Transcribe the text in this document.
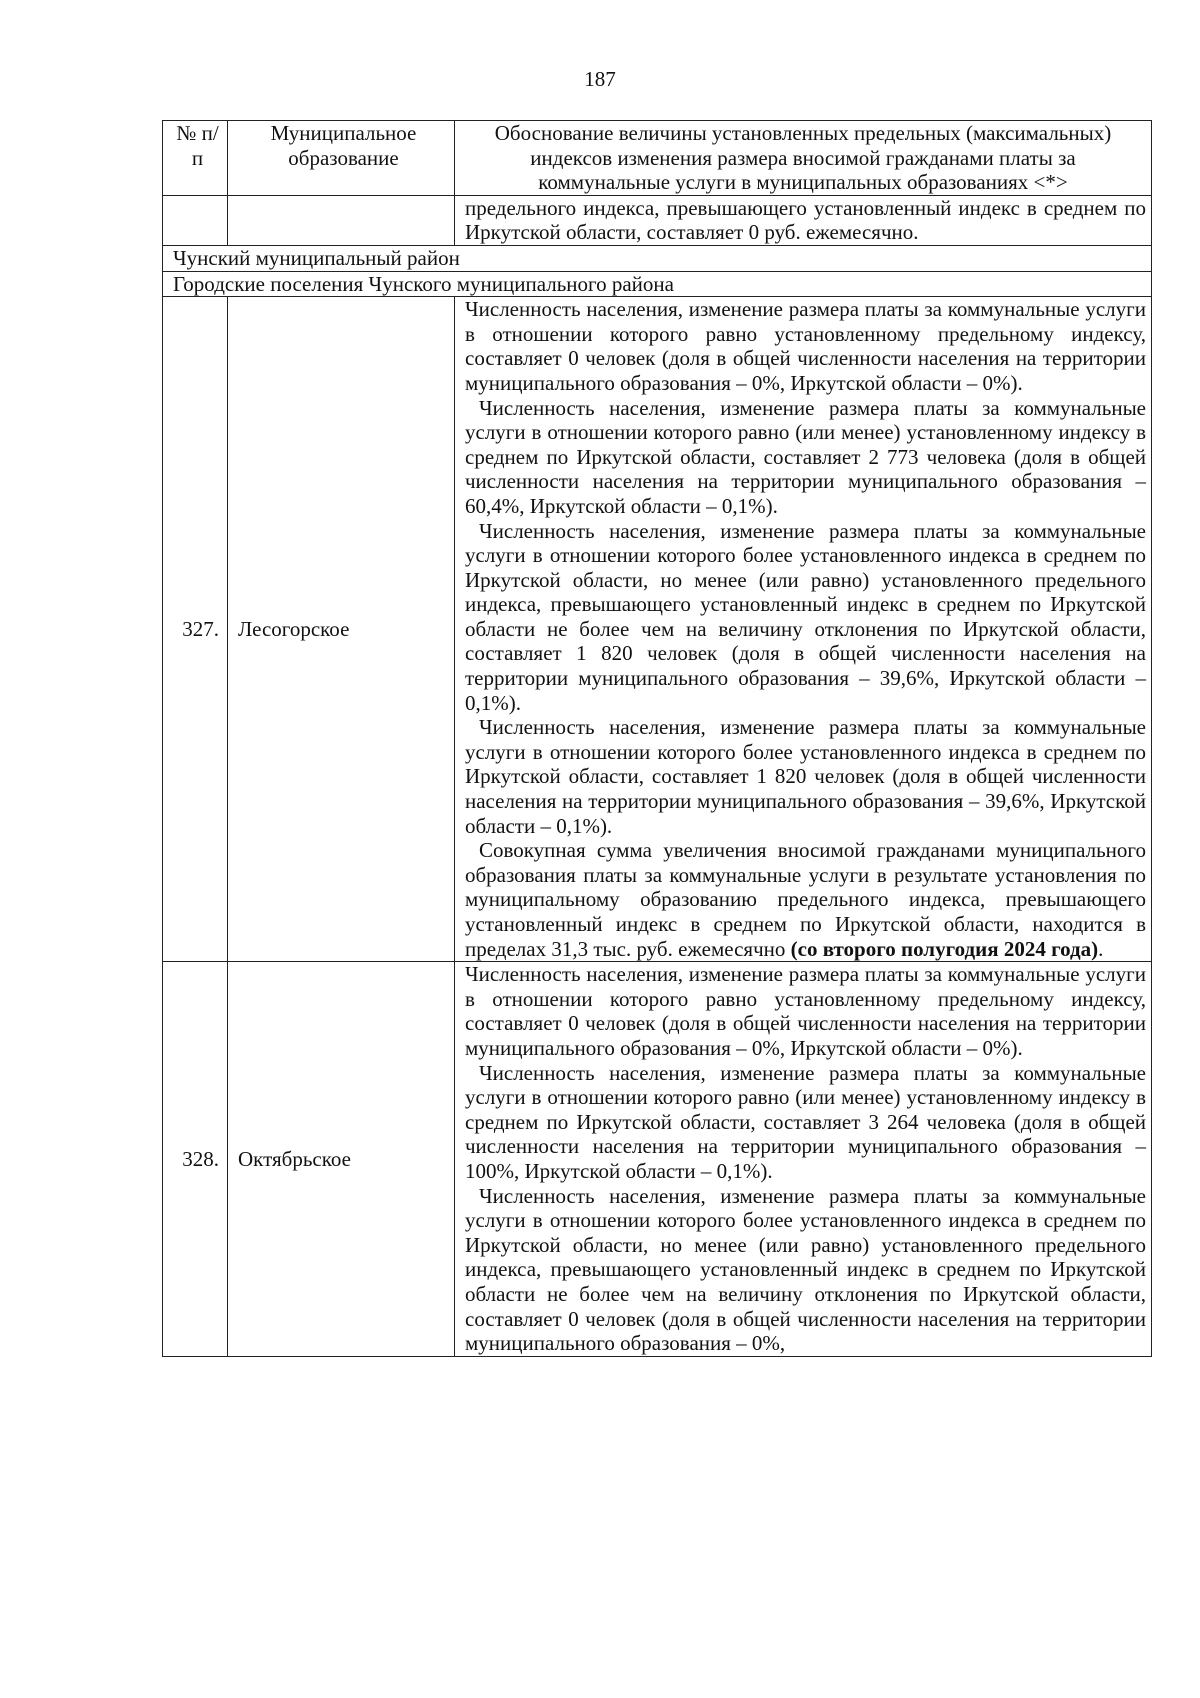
187
№ п/п	Муниципальное образование	Обоснование величины установленных предельных (максимальных) индексов изменения размера вносимой гражданами платы за коммунальные услуги в муниципальных образованиях <*>

		предельного индекса, превышающего установленный индекс в среднем по Иркутской области, составляет 0 руб. ежемесячно.

Чунский муниципальный район		
Городские поселения Чунского муниципального района		
327.	Лесогорское	Численность населения, изменение размера платы за коммунальные услуги в отношении которого равно установленному предельному индексу, составляет 0 человек (доля в общей численности населения на территории муниципального образования – 0%, Иркутской области – 0%).

Численность населения, изменение размера платы за коммунальные услуги в отношении которого равно (или менее) установленному индексу в среднем по Иркутской области, составляет 2 773 человека (доля в общей численности населения на территории муниципального образования – 60,4%, Иркутской области – 0,1%).

Численность населения, изменение размера платы за коммунальные услуги в отношении которого более установленного индекса в среднем по Иркутской области, но менее (или равно) установленного предельного индекса, превышающего установленный индекс в среднем по Иркутской области не более чем на величину отклонения по Иркутской области, составляет 1 820 человек (доля в общей численности населения на территории муниципального образования – 39,6%, Иркутской области – 0,1%).

Численность населения, изменение размера платы за коммунальные услуги в отношении которого более установленного индекса в среднем по Иркутской области, составляет 1 820 человек (доля в общей численности населения на территории муниципального образования – 39,6%, Иркутской области – 0,1%).

Совокупная сумма увеличения вносимой гражданами муниципального образования платы за коммунальные услуги в результате установления по муниципальному образованию предельного индекса, превышающего установленный индекс в среднем по Иркутской области, находится в пределах 31,3 тыс. руб. ежемесячно (со второго полугодия 2024 года).

328.	Октябрьское	Численность населения, изменение размера платы за коммунальные услуги в отношении которого равно установленному предельному индексу, составляет 0 человек (доля в общей численности населения на территории муниципального образования – 0%, Иркутской области – 0%).

Численность населения, изменение размера платы за коммунальные услуги в отношении которого равно (или менее) установленному индексу в среднем по Иркутской области, составляет 3 264 человека (доля в общей численности населения на территории муниципального образования – 100%, Иркутской области – 0,1%).

Численность населения, изменение размера платы за коммунальные услуги в отношении которого более установленного индекса в среднем по Иркутской области, но менее (или равно) установленного предельного индекса, превышающего установленный индекс в среднем по Иркутской области не более чем на величину отклонения по Иркутской области, составляет 0 человек (доля в общей численности населения на территории муниципального образования – 0%,
